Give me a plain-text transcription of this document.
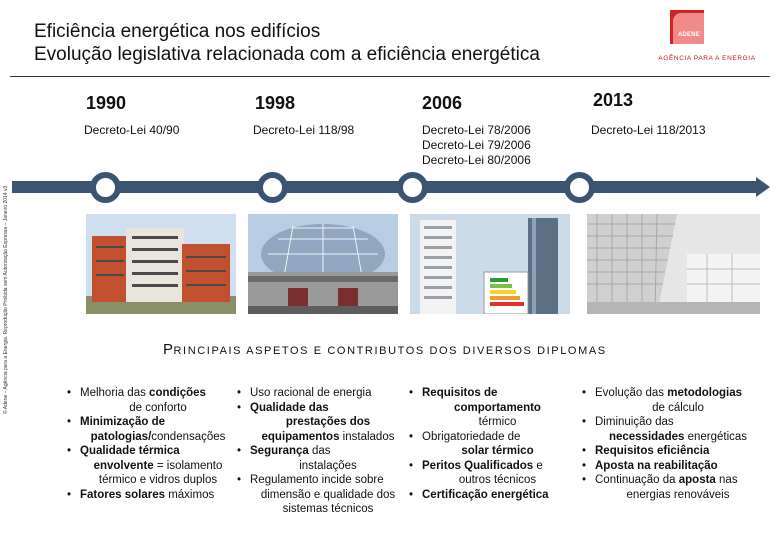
Eficiência energética nos edifícios
Evolução legislativa relacionada com a eficiência energética
ADENE
AGÊNCIA PARA A ENERGIA
© Adene – Agência para a Energia. Reprodução Proibida sem Autorização Expressa – Janeiro 2014 v3
1990
Decreto-Lei 40/90
1998
Decreto-Lei 118/98
2006
Decreto-Lei 78/2006
Decreto-Lei 79/2006
Decreto-Lei 80/2006
2013
Decreto-Lei 118/2013
PRINCIPAIS ASPETOS E CONTRIBUTOS DOS DIVERSOS DIPLOMAS
• Melhoria das condições
de conforto
• Minimização de
patologias/condensações
• Qualidade térmica
envolvente = isolamento
térmico e vidros duplos
• Fatores solares máximos
• Uso racional de energia
• Qualidade das
prestações dos
equipamentos instalados
• Segurança das
instalações
• Regulamento incide sobre
dimensão e qualidade dos
sistemas técnicos
• Requisitos de
comportamento
térmico
• Obrigatoriedade de
solar térmico
• Peritos Qualificados e
outros técnicos
• Certificação energética
• Evolução das metodologias
de cálculo
• Diminuição das
necessidades energéticas
• Requisitos eficiência
• Aposta na reabilitação
• Continuação da aposta nas
energias renováveis
